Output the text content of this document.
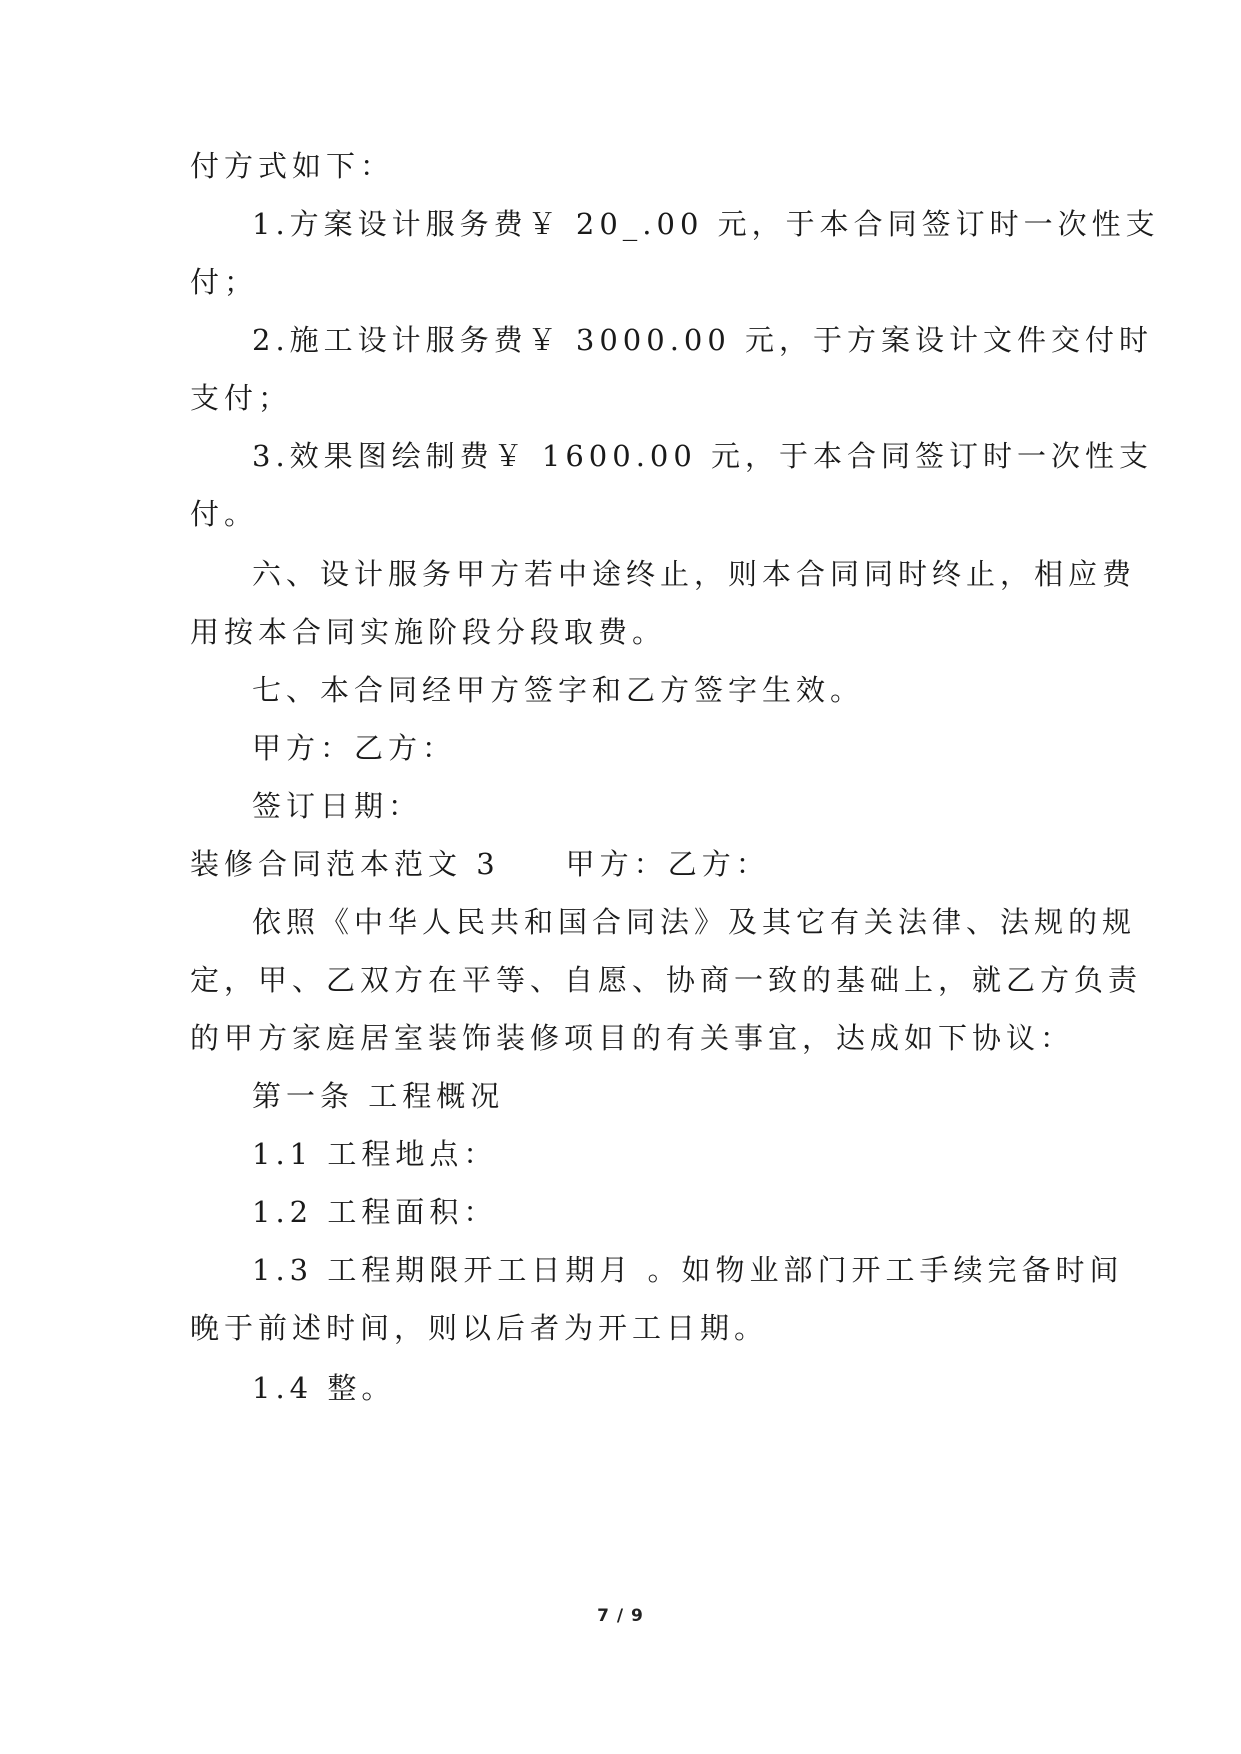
付方式如下：
1.方案设计服务费￥ 20_.00 元，于本合同签订时一次性支
付；
2.施工设计服务费￥ 3000.00 元，于方案设计文件交付时
支付；
3.效果图绘制费￥ 1600.00 元，于本合同签订时一次性支
付。
六、设计服务甲方若中途终止，则本合同同时终止，相应费
用按本合同实施阶段分段取费。
七、本合同经甲方签字和乙方签字生效。
甲方：乙方：
签订日期：
装修合同范本范文 3 甲方：乙方：
依照《中华人民共和国合同法》及其它有关法律、法规的规
定，甲、乙双方在平等、自愿、协商一致的基础上，就乙方负责
的甲方家庭居室装饰装修项目的有关事宜，达成如下协议：
第一条 工程概况
1.1 工程地点：
1.2 工程面积：
1.3 工程期限开工日期月 。如物业部门开工手续完备时间
晚于前述时间，则以后者为开工日期。
1.4 整。
7 / 9
